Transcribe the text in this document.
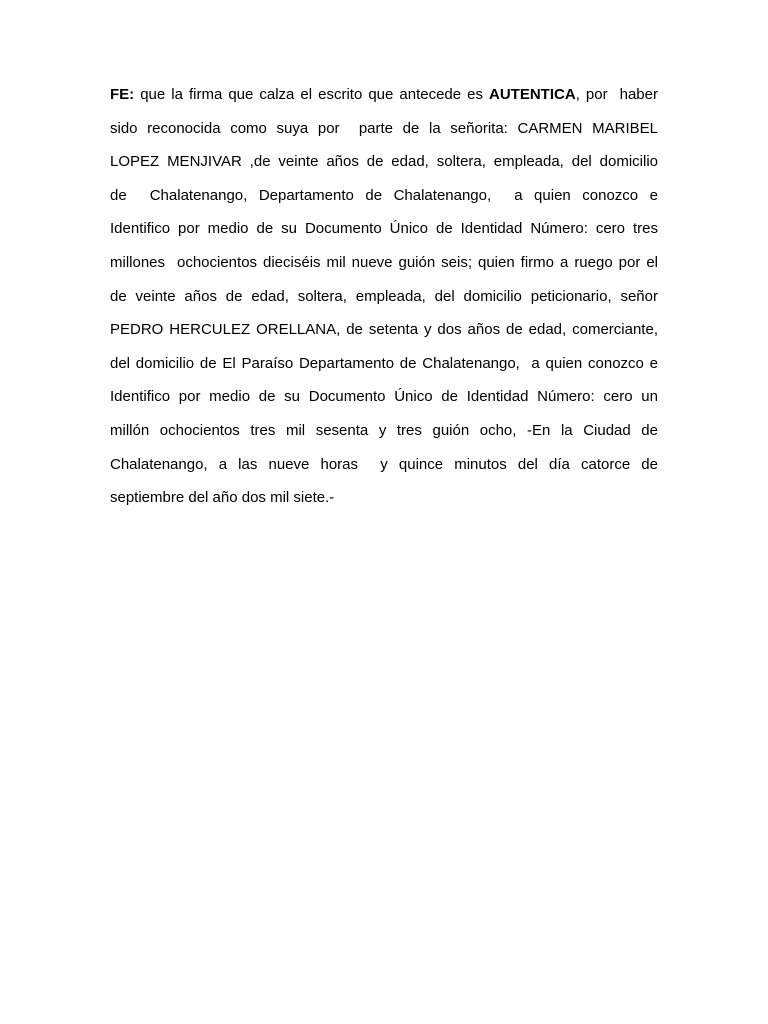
FE: que la firma que calza el escrito que antecede es AUTENTICA, por  haber
sido reconocida como suya por  parte de la señorita: CARMEN MARIBEL
LOPEZ MENJIVAR ,de veinte años de edad, soltera, empleada, del domicilio
de  Chalatenango, Departamento de Chalatenango,  a quien conozco e
Identifico por medio de su Documento Único de Identidad Número: cero tres
millones  ochocientos dieciséis mil nueve guión seis; quien firmo a ruego por el
de veinte años de edad, soltera, empleada, del domicilio peticionario, señor
PEDRO HERCULEZ ORELLANA, de setenta y dos años de edad, comerciante,
del domicilio de El Paraíso Departamento de Chalatenango,  a quien conozco e
Identifico por medio de su Documento Único de Identidad Número: cero un
millón ochocientos tres mil sesenta y tres guión ocho, -En la Ciudad de
Chalatenango, a las nueve horas  y quince minutos del día catorce de
septiembre del año dos mil siete.-
